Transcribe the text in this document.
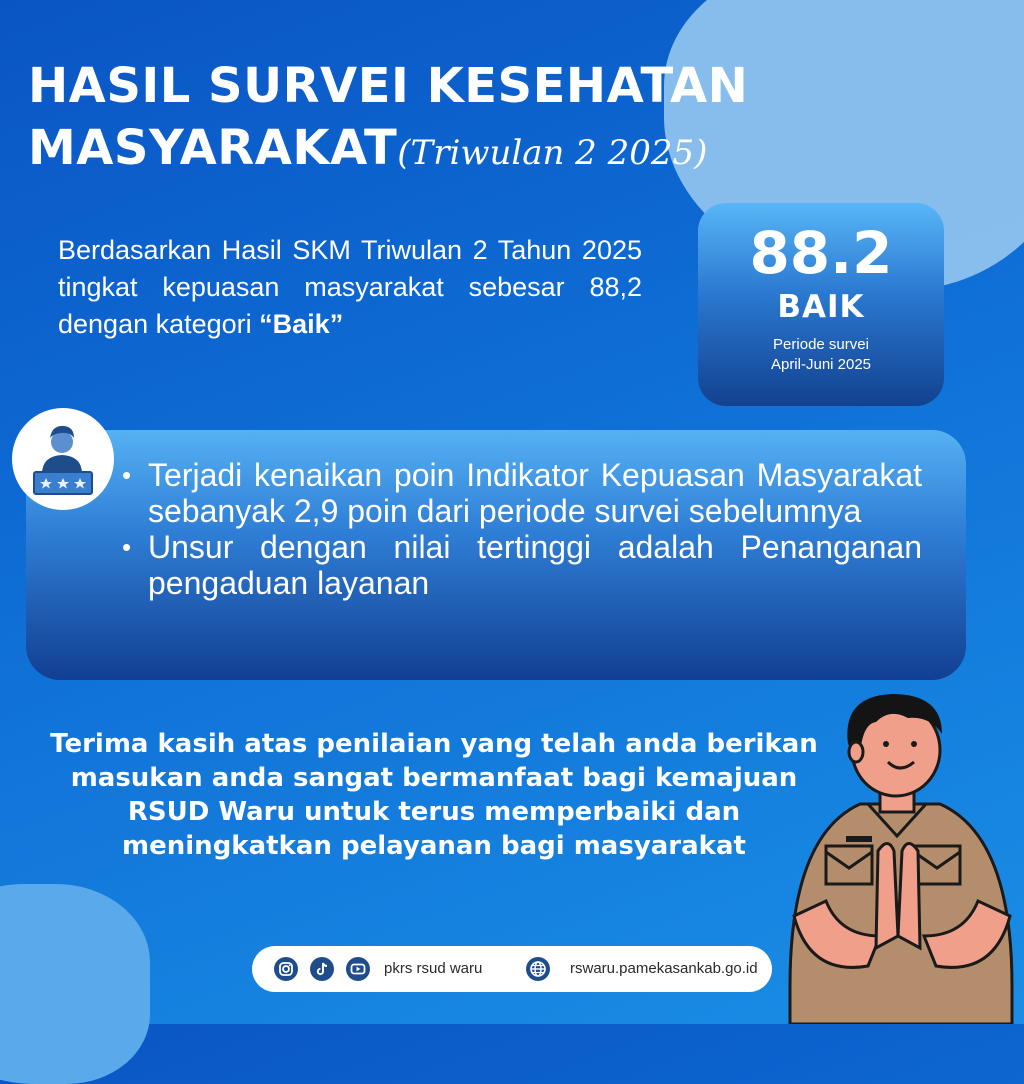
HASIL SURVEI KESEHATAN
MASYARAKAT(Triwulan 2 2025)
Berdasarkan Hasil SKM Triwulan 2 Tahun 2025 tingkat kepuasan masyarakat sebesar 88,2 dengan kategori “Baik”
88.2
BAIK
Periode survei
April-Juni 2025
• Terjadi kenaikan poin Indikator Kepuasan Masyarakat sebanyak 2,9 poin dari periode survei sebelumnya
• Unsur dengan nilai tertinggi adalah Penanganan pengaduan layanan
Terima kasih atas penilaian yang telah anda berikan
masukan anda sangat bermanfaat bagi kemajuan
RSUD Waru untuk terus memperbaiki dan
meningkatkan pelayanan bagi masyarakat
pkrs rsud waru	rswaru.pamekasankab.go.id
